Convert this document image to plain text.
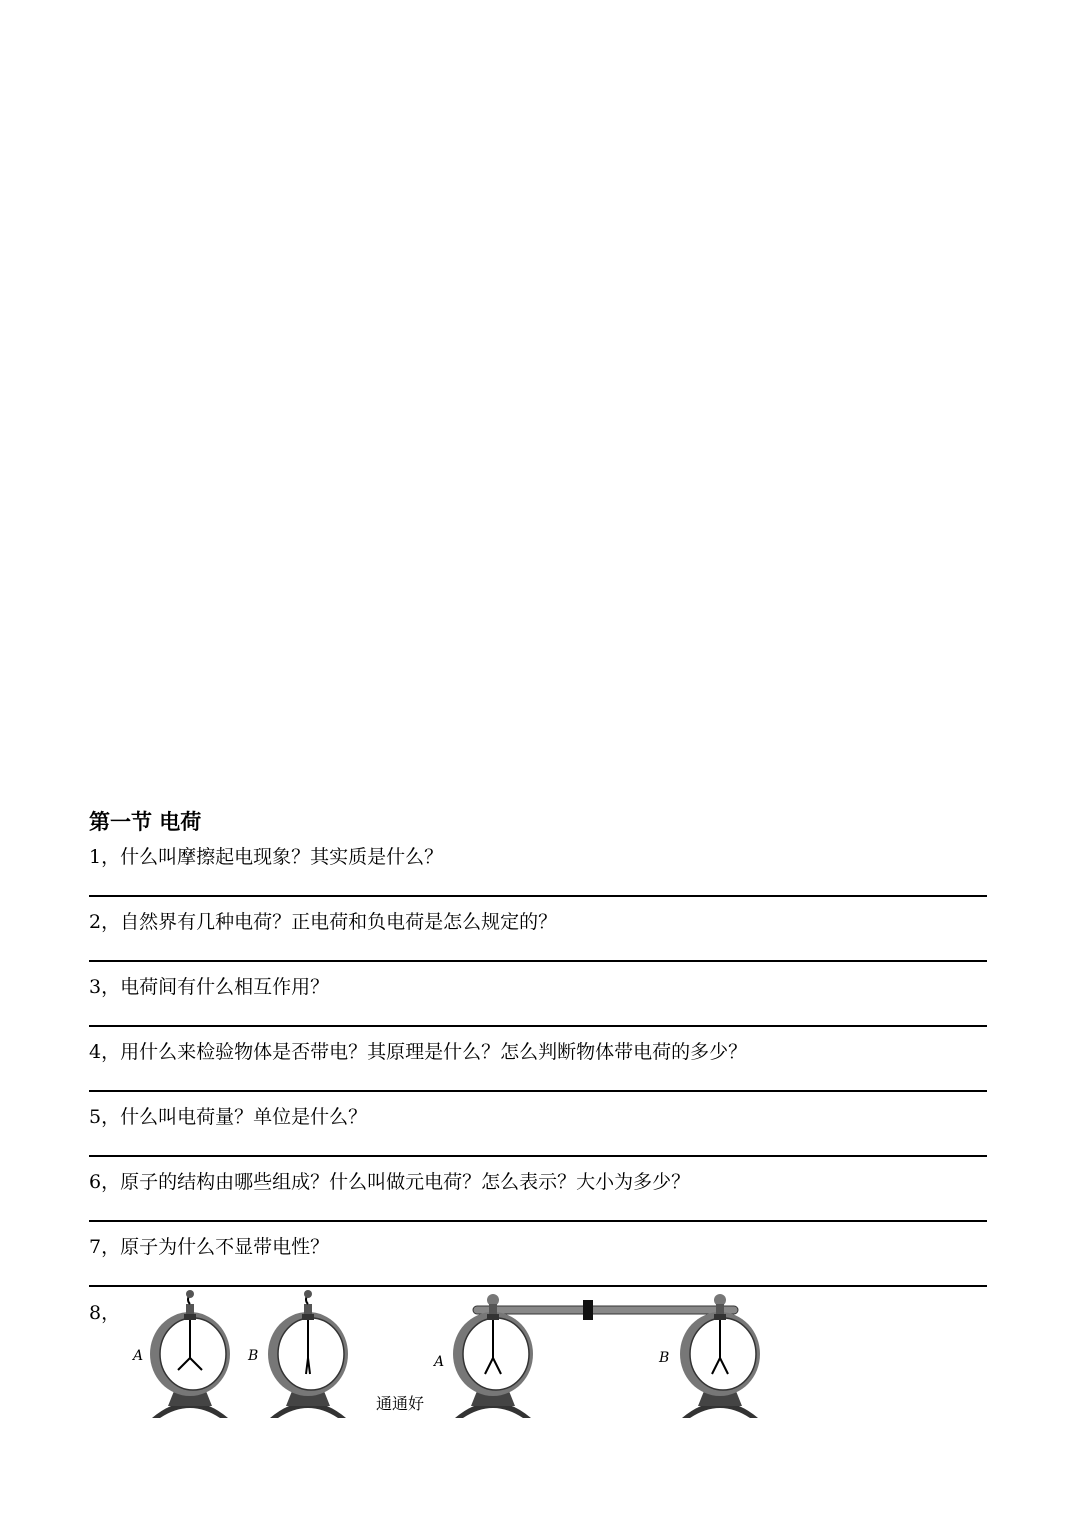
第一节 电荷
1，什么叫摩擦起电现象？其实质是什么？
2，自然界有几种电荷？正电荷和负电荷是怎么规定的？
3，电荷间有什么相互作用？
4，用什么来检验物体是否带电？其原理是什么？怎么判断物体带电荷的多少？
5，什么叫电荷量？单位是什么？
6，原子的结构由哪些组成？什么叫做元电荷？怎么表示？大小为多少？
7，原子为什么不显带电性？
8，
A	B	A	B
通通好
